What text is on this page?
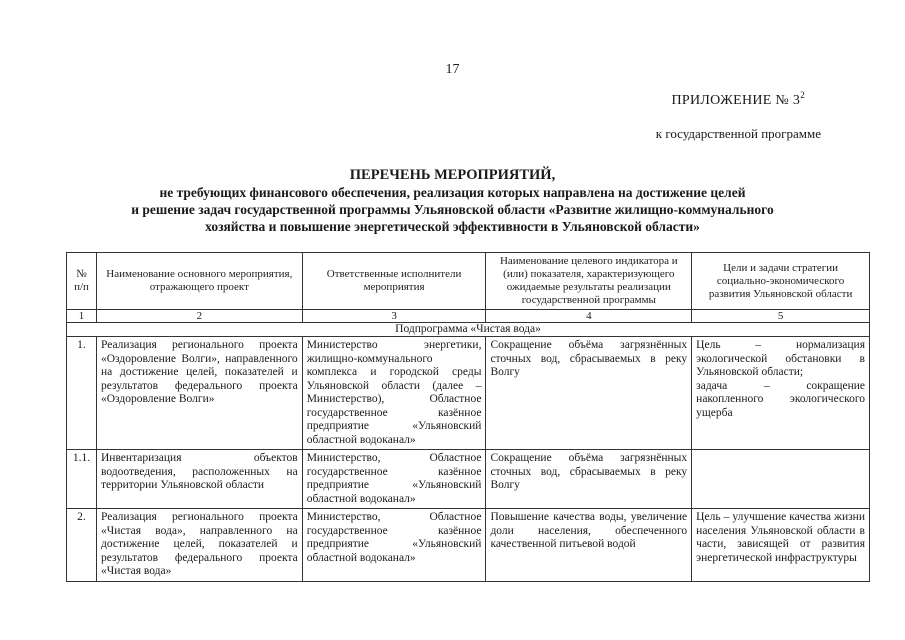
17
ПРИЛОЖЕНИЕ № $3^2$
к государственной программе
ПЕРЕЧЕНЬ МЕРОПРИЯТИЙ,
не требующих финансового обеспечения, реализация которых направлена на достижение целей
и решение задач государственной программы Ульяновской области «Развитие жилищно-коммунального
хозяйства и повышение энергетической эффективности в Ульяновской области»
№ п/п	Наименование основного мероприятия, отражающего проект	Ответственные исполнители мероприятия	Наименование целевого индикатора и (или) показателя, характеризующего ожидаемые результаты реализации государственной программы	Цели и задачи стратегии социально-экономического развития Ульяновской области
1	2	3	4	5
Подпрограмма «Чистая вода»				
1.	Реализация регионального проекта «Оздоровление Волги», направленного на достижение целей, показателей и результатов федерального проекта «Оздоровление Волги»	Министерство энергетики, жилищно-коммунального комплекса и городской среды Ульяновской области (далее – Министерство), Областное государственное казённое предприятие «Ульяновский областной водоканал»	Сокращение объёма загрязнённых сточных вод, сбрасываемых в реку Волгу	Цель – нормализация экологической обстановки в Ульяновской области;
задача – сокращение накопленного экологического ущерба

1.1.	Инвентаризация объектов водоотведения, расположенных на территории Ульяновской области	Министерство, Областное государственное казённое предприятие «Ульяновский областной водоканал»	Сокращение объёма загрязнённых сточных вод, сбрасываемых в реку Волгу	

2.	Реализация регионального проекта «Чистая вода», направленного на достижение целей, показателей и результатов федерального проекта «Чистая вода»	Министерство, Областное государственное казённое предприятие «Ульяновский областной водоканал»	Повышение качества воды, увеличение доли населения, обеспеченного качественной питьевой водой	Цель – улучшение качества жизни населения Ульяновской области в части, зависящей от развития энергетической инфраструктуры
